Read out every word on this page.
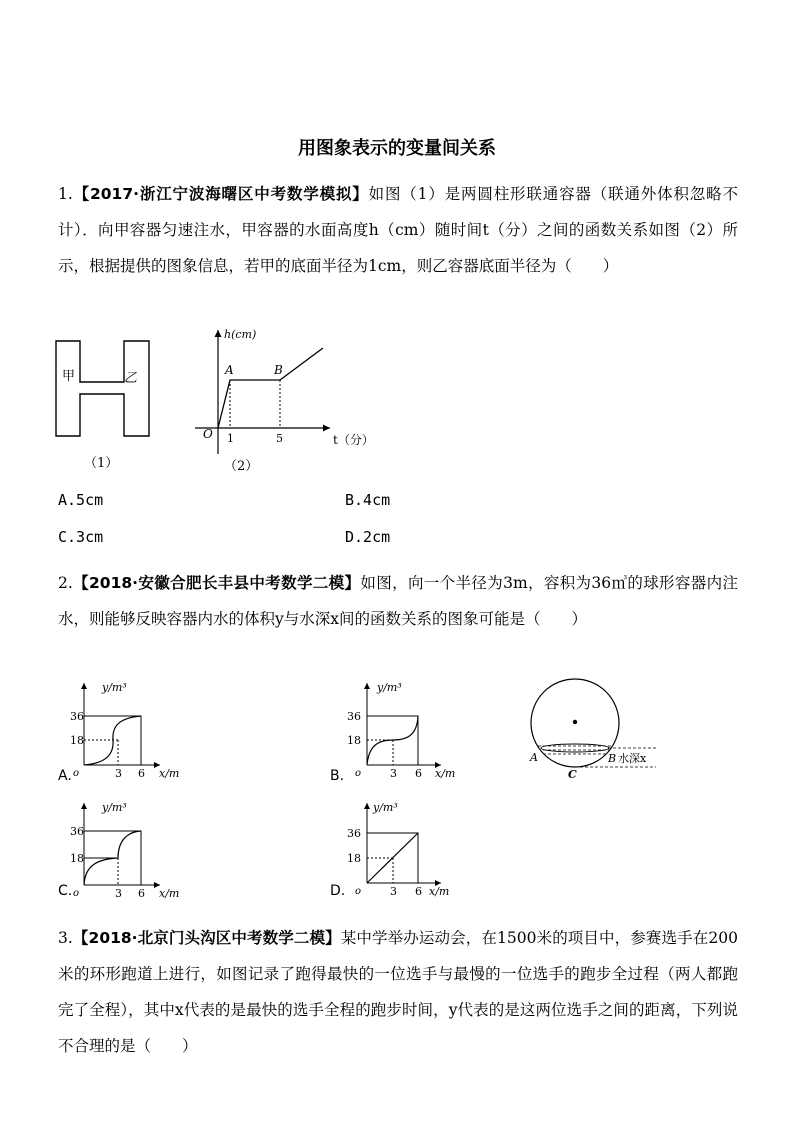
用图象表示的变量间关系

1.【2017·浙江宁波海曙区中考数学模拟】如图（1）是两圆柱形联通容器（联通外体积忽略不计）．向甲容器匀速注水，甲容器的水面高度h（cm）随时间t（分）之间的函数关系如图（2）所示，根据提供的图象信息，若甲的底面半径为1cm，则乙容器底面半径为（　　）

甲	乙
（1）
h(cm)
t（分）
O
A	B
1	5
（2）
A.5cm	B.4cm
C.3cm	D.2cm

2.【2018·安徽合肥长丰县中考数学二模】如图，向一个半径为3m，容积为36㎥的球形容器内注水，则能够反映容器内水的体积y与水深x间的函数关系的图象可能是（　　）

y/m³
36
18
o	3 6 x/m
A.
y/m³
36
18
o	3 6 x/m
B.
A	B
C
水深x
y/m³
36
18
o	3 6 x/m
C.
y/m³
36
18
o	3 6 x/m
D.

3.【2018·北京门头沟区中考数学二模】某中学举办运动会，在1500米的项目中，参赛选手在200米的环形跑道上进行，如图记录了跑得最快的一位选手与最慢的一位选手的跑步全过程（两人都跑完了全程），其中x代表的是最快的选手全程的跑步时间，y代表的是这两位选手之间的距离，下列说不合理的是（　　）
